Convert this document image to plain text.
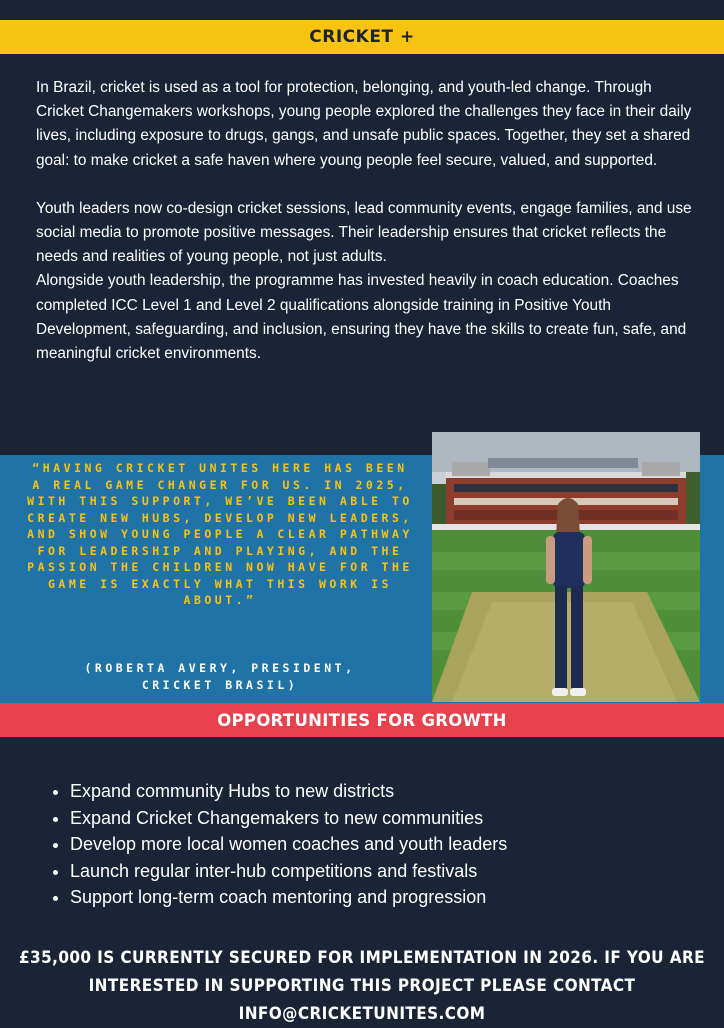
CRICKET +

In Brazil, cricket is used as a tool for protection, belonging, and youth-led change. Through Cricket Changemakers workshops, young people explored the challenges they face in their daily lives, including exposure to drugs, gangs, and unsafe public spaces. Together, they set a shared goal: to make cricket a safe haven where young people feel secure, valued, and supported.

Youth leaders now co-design cricket sessions, lead community events, engage families, and use social media to promote positive messages. Their leadership ensures that cricket reflects the needs and realities of young people, not just adults.

Alongside youth leadership, the programme has invested heavily in coach education. Coaches completed ICC Level 1 and Level 2 qualifications alongside training in Positive Youth Development, safeguarding, and inclusion, ensuring they have the skills to create fun, safe, and meaningful cricket environments.

“HAVING CRICKET UNITES HERE HAS BEEN A REAL GAME CHANGER FOR US. IN 2025, WITH THIS SUPPORT, WE’VE BEEN ABLE TO CREATE NEW HUBS, DEVELOP NEW LEADERS, AND SHOW YOUNG PEOPLE A CLEAR PATHWAY FOR LEADERSHIP AND PLAYING, AND THE PASSION THE CHILDREN NOW HAVE FOR THE GAME IS EXACTLY WHAT THIS WORK IS ABOUT.”
(ROBERTA AVERY, PRESIDENT,
CRICKET BRASIL)
OPPORTUNITIES FOR GROWTH
• Expand community Hubs to new districts
• Expand Cricket Changemakers to new communities
• Develop more local women coaches and youth leaders
• Launch regular inter-hub competitions and festivals
• Support long-term coach mentoring and progression
£35,000 IS CURRENTLY SECURED FOR IMPLEMENTATION IN 2026. IF YOU ARE
INTERESTED IN SUPPORTING THIS PROJECT PLEASE CONTACT INFO@CRICKETUNITES.COM
